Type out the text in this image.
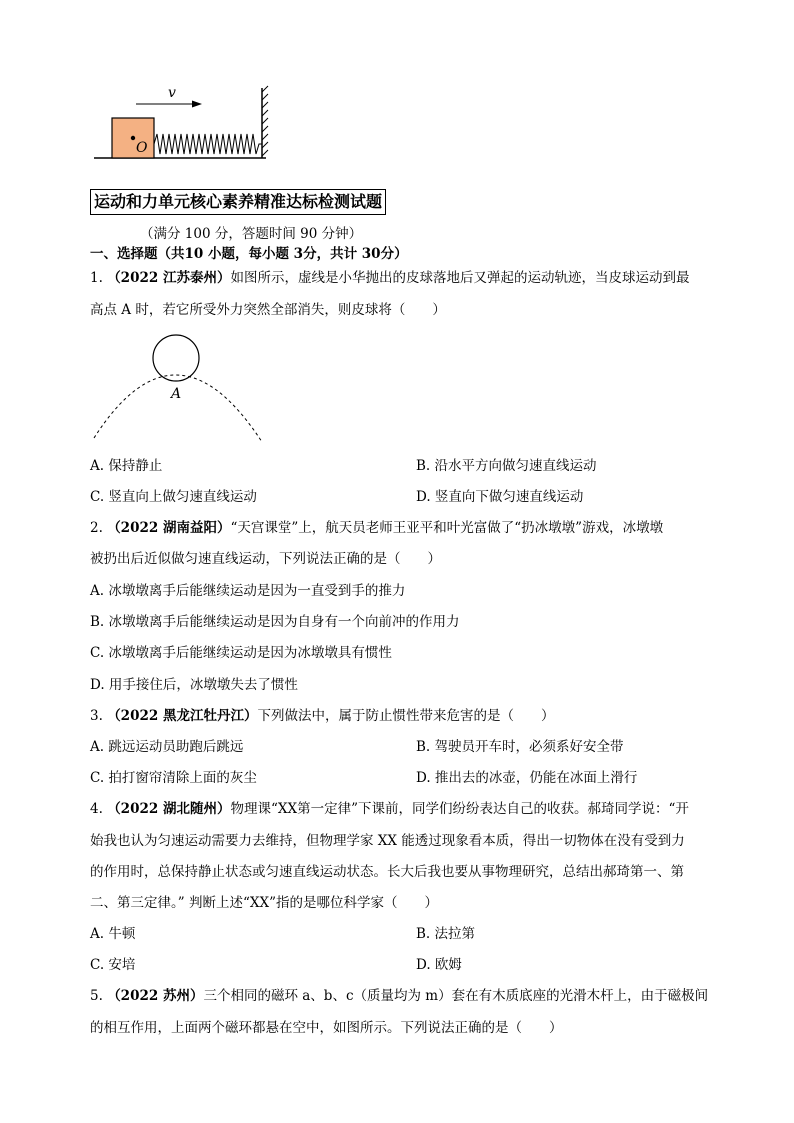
v
O
运动和力单元核心素养精准达标检测试题
（满分 100 分，答题时间 90 分钟）
一、选择题（共10 小题，每小题 3分，共计 30分）
1. （2022 江苏泰州）如图所示，虚线是小华抛出的皮球落地后又弹起的运动轨迹，当皮球运动到最
高点 A 时，若它所受外力突然全部消失，则皮球将（　　）
A
A. 保持静止	B. 沿水平方向做匀速直线运动
C. 竖直向上做匀速直线运动	D. 竖直向下做匀速直线运动
2. （2022 湖南益阳）“天宫课堂”上，航天员老师王亚平和叶光富做了“扔冰墩墩”游戏，冰墩墩
被扔出后近似做匀速直线运动，下列说法正确的是（　　）
A. 冰墩墩离手后能继续运动是因为一直受到手的推力
B. 冰墩墩离手后能继续运动是因为自身有一个向前冲的作用力
C. 冰墩墩离手后能继续运动是因为冰墩墩具有惯性
D. 用手接住后，冰墩墩失去了惯性
3. （2022 黑龙江牡丹江）下列做法中，属于防止惯性带来危害的是（　　）
A. 跳远运动员助跑后跳远	B. 驾驶员开车时，必须系好安全带
C. 拍打窗帘清除上面的灰尘	D. 推出去的冰壶，仍能在冰面上滑行
4. （2022 湖北随州）物理课“XX第一定律”下课前，同学们纷纷表达自己的收获。郝琦同学说：“开
始我也认为匀速运动需要力去维持，但物理学家 XX 能透过现象看本质，得出一切物体在没有受到力
的作用时，总保持静止状态或匀速直线运动状态。长大后我也要从事物理研究，总结出郝琦第一、第
二、第三定律。” 判断上述“XX”指的是哪位科学家（　　）
A. 牛顿	B. 法拉第
C. 安培	D. 欧姆
5. （2022 苏州）三个相同的磁环 a、b、c（质量均为 m）套在有木质底座的光滑木杆上，由于磁极间
的相互作用，上面两个磁环都悬在空中，如图所示。下列说法正确的是（　　）
